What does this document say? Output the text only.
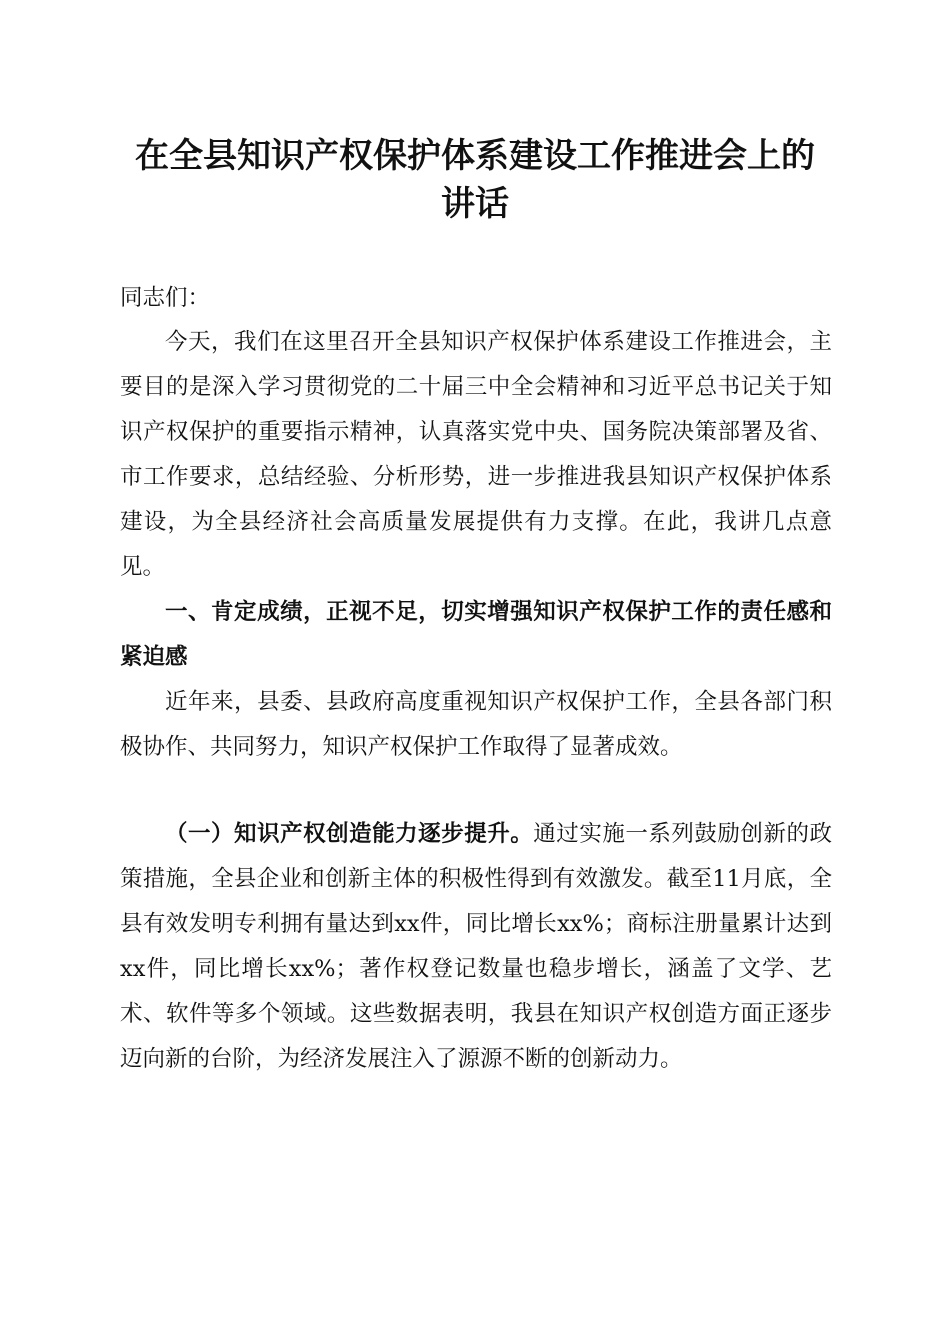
在全县知识产权保护体系建设工作推进会上的
讲话

同志们：

今天，我们在这里召开全县知识产权保护体系建设工作推进会，主要目的是深入学习贯彻党的二十届三中全会精神和习近平总书记关于知识产权保护的重要指示精神，认真落实党中央、国务院决策部署及省、市工作要求，总结经验、分析形势，进一步推进我县知识产权保护体系建设，为全县经济社会高质量发展提供有力支撑。在此，我讲几点意见。

一、肯定成绩，正视不足，切实增强知识产权保护工作的责任感和紧迫感

近年来，县委、县政府高度重视知识产权保护工作，全县各部门积极协作、共同努力，知识产权保护工作取得了显著成效。

（一）知识产权创造能力逐步提升。通过实施一系列鼓励创新的政策措施，全县企业和创新主体的积极性得到有效激发。截至11月底，全县有效发明专利拥有量达到xx件，同比增长xx%；商标注册量累计达到xx件，同比增长xx%；著作权登记数量也稳步增长，涵盖了文学、艺术、软件等多个领域。这些数据表明，我县在知识产权创造方面正逐步迈向新的台阶，为经济发展注入了源源不断的创新动力。
